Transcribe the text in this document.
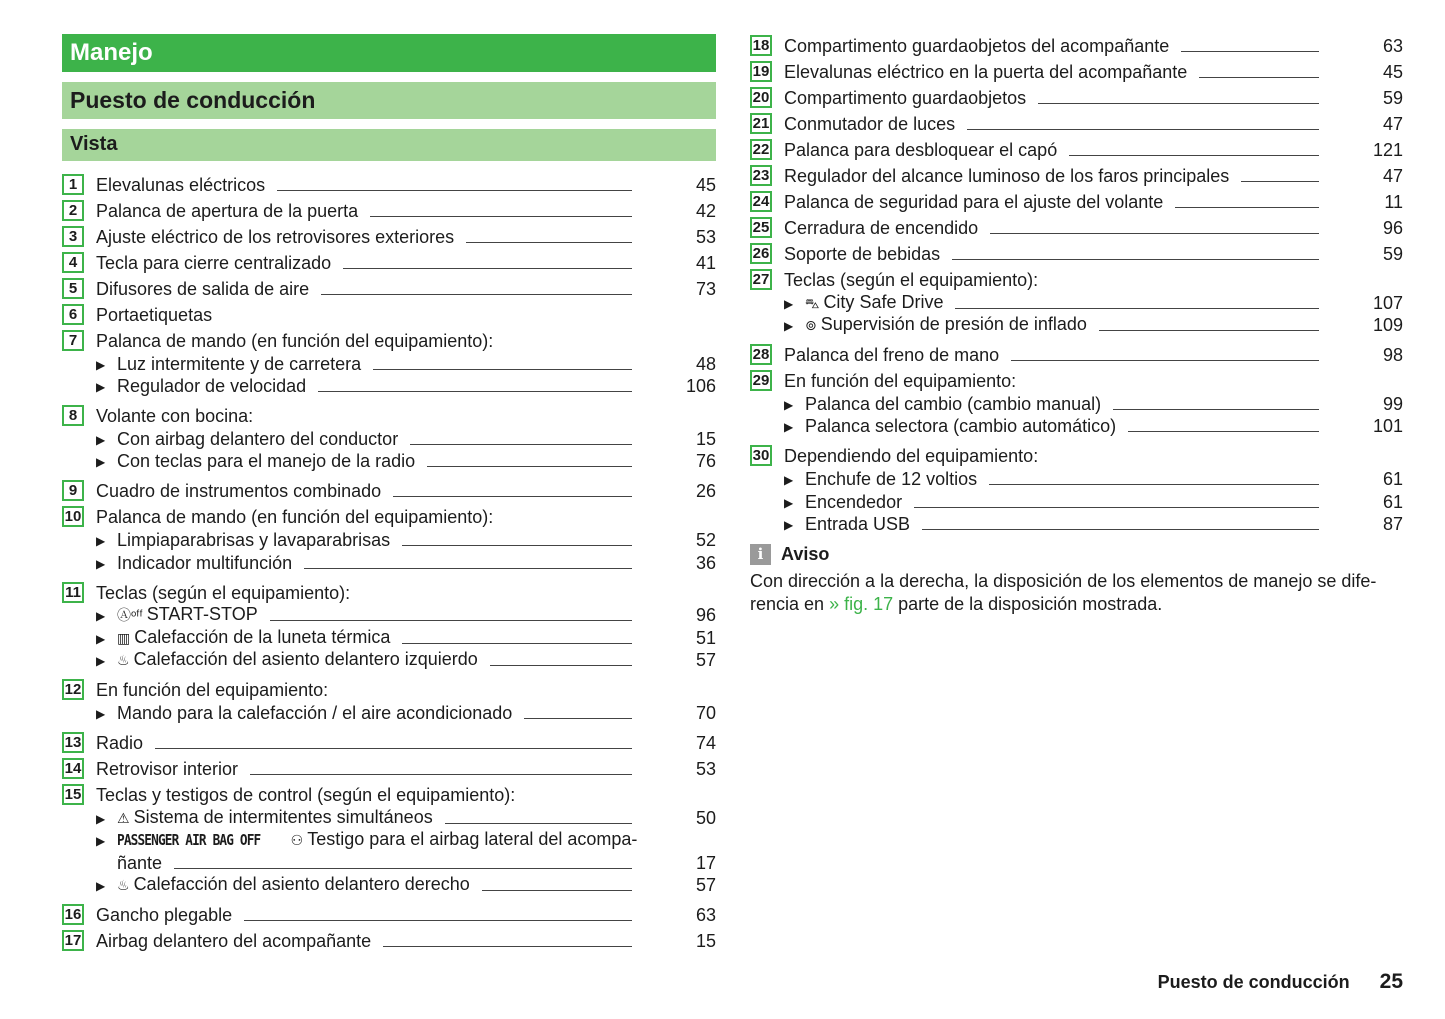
Manejo
Puesto de conducción
Vista
1	Elevalunas eléctricos	45
2	Palanca de apertura de la puerta	42
3	Ajuste eléctrico de los retrovisores exteriores	53
4	Tecla para cierre centralizado	41
5	Difusores de salida de aire	73
6	Portaetiquetas
7	Palanca de mando (en función del equipamiento):
▶ Luz intermitente y de carretera	48
▶ Regulador de velocidad	106
8	Volante con bocina:
▶ Con airbag delantero del conductor	15
▶ Con teclas para el manejo de la radio	76
9	Cuadro de instrumentos combinado	26
10 Palanca de mando (en función del equipamiento):
▶ Limpiaparabrisas y lavaparabrisas	52
▶ Indicador multifunción	36
11 Teclas (según el equipamiento):
▶ Ⓐᵒᶠᶠ START-STOP	96
▶ ▥ Calefacción de la luneta térmica	51
▶ ♨ Calefacción del asiento delantero izquierdo	57
12 En función del equipamiento:
▶ Mando para la calefacción / el aire acondicionado	70
13 Radio	74
14 Retrovisor interior	53
15 Teclas y testigos de control (según el equipamiento):
▶ ⚠ Sistema de intermitentes simultáneos	50
▶ PASSENGER AIR BAG OFF ⚇ Testigo para el airbag lateral del acompa-
ñante	17
▶ ♨ Calefacción del asiento delantero derecho	57
16 Gancho plegable	63
17 Airbag delantero del acompañante	15
18 Compartimento guardaobjetos del acompañante	63
19 Elevalunas eléctrico en la puerta del acompañante	45
20 Compartimento guardaobjetos	59
21 Conmutador de luces	47
22 Palanca para desbloquear el capó	121
23 Regulador del alcance luminoso de los faros principales	47
24 Palanca de seguridad para el ajuste del volante	11
25 Cerradura de encendido	96
26 Soporte de bebidas	59
27 Teclas (según el equipamiento):
▶ ⛍ City Safe Drive	107
▶ ⊚ Supervisión de presión de inflado	109
28 Palanca del freno de mano	98
29 En función del equipamiento:
▶ Palanca del cambio (cambio manual)	99
▶ Palanca selectora (cambio automático)	101
30 Dependiendo del equipamiento:
▶ Enchufe de 12 voltios	61
▶ Encendedor	61
▶ Entrada USB	87
i Aviso
Con dirección a la derecha, la disposición de los elementos de manejo se dife-rencia en » fig. 17 parte de la disposición mostrada.
Puesto de conducción 25
